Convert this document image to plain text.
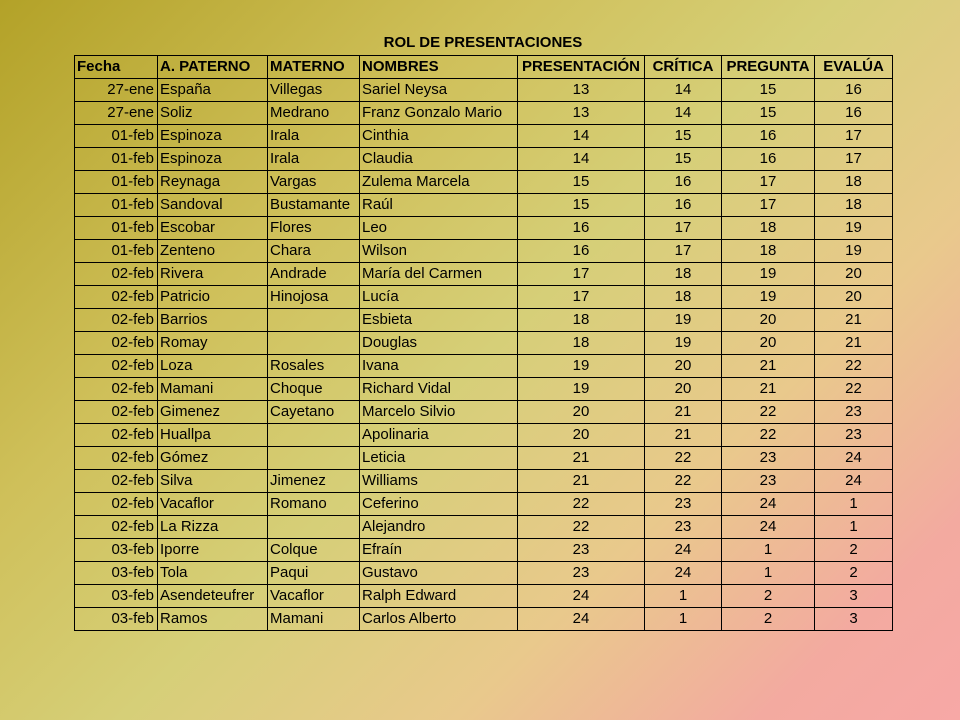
ROL DE PRESENTACIONES
Fecha	A. PATERNO	MATERNO	NOMBRES	PRESENTACIÓN	CRÍTICA	PREGUNTA	EVALÚA
27-ene	España	Villegas	Sariel Neysa	13	14	15	16
27-ene	Soliz	Medrano	Franz Gonzalo Mario	13	14	15	16
01-feb	Espinoza	Irala	Cinthia	14	15	16	17
01-feb	Espinoza	Irala	Claudia	14	15	16	17
01-feb	Reynaga	Vargas	Zulema Marcela	15	16	17	18
01-feb	Sandoval	Bustamante	Raúl	15	16	17	18
01-feb	Escobar	Flores	Leo	16	17	18	19
01-feb	Zenteno	Chara	Wilson	16	17	18	19
02-feb	Rivera	Andrade	María del Carmen	17	18	19	20
02-feb	Patricio	Hinojosa	Lucía	17	18	19	20
02-feb	Barrios		Esbieta	18	19	20	21
02-feb	Romay		Douglas	18	19	20	21
02-feb	Loza	Rosales	Ivana	19	20	21	22
02-feb	Mamani	Choque	Richard Vidal	19	20	21	22
02-feb	Gimenez	Cayetano	Marcelo Silvio	20	21	22	23
02-feb	Huallpa		Apolinaria	20	21	22	23
02-feb	Gómez		Leticia	21	22	23	24
02-feb	Silva	Jimenez	Williams	21	22	23	24
02-feb	Vacaflor	Romano	Ceferino	22	23	24	1
02-feb	La Rizza		Alejandro	22	23	24	1
03-feb	Iporre	Colque	Efraín	23	24	1	2
03-feb	Tola	Paqui	Gustavo	23	24	1	2
03-feb	Asendeteufrer	Vacaflor	Ralph Edward	24	1	2	3
03-feb	Ramos	Mamani	Carlos Alberto	24	1	2	3
